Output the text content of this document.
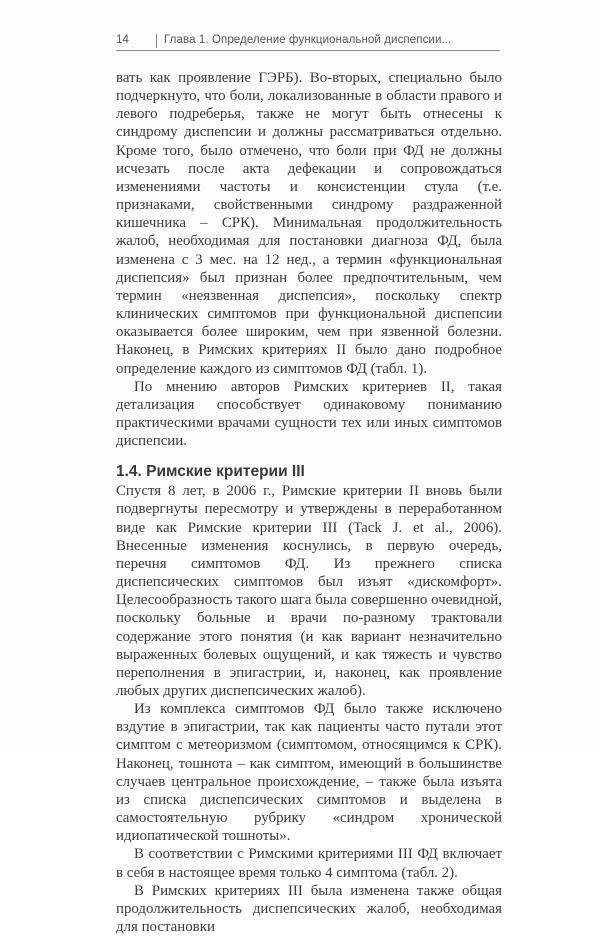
14	Глава 1. Определение функциональной диспепсии...

вать как проявление ГЭРБ). Во-вторых, специально было подчеркнуто, что боли, локализованные в области правого и левого подреберья, также не могут быть отнесены к синдрому диспепсии и должны рассматриваться отдельно. Кроме того, было отмечено, что боли при ФД не должны исчезать после акта дефекации и сопровождаться изменениями частоты и консистенции стула (т.е. признаками, свойственными синдрому раздраженной кишечника – СРК). Минимальная продолжительность жалоб, необходимая для постановки диагноза ФД, была изменена с 3 мес. на 12 нед., а термин «функциональная диспепсия» был признан более предпочтительным, чем термин «неязвенная диспепсия», поскольку спектр клинических симптомов при функциональной диспепсии оказывается более широким, чем при язвенной болезни. Наконец, в Римских критериях II было дано подробное определение каждого из симптомов ФД (табл. 1).

По мнению авторов Римских критериев II, такая детализация способствует одинаковому пониманию практическими врачами сущности тех или иных симптомов диспепсии.

1.4. Римские критерии III

Спустя 8 лет, в 2006 г., Римские критерии II вновь были подвергнуты пересмотру и утверждены в переработанном виде как Римские критерии III (Tack J. et al., 2006). Внесенные изменения коснулись, в первую очередь, перечня симптомов ФД. Из прежнего списка диспепсических симптомов был изъят «дискомфорт». Целесообразность такого шага была совершенно очевидной, поскольку больные и врачи по-разному трактовали содержание этого понятия (и как вариант незначительно выраженных болевых ощущений, и как тяжесть и чувство переполнения в эпигастрии, и, наконец, как проявление любых других диспепсических жалоб).

Из комплекса симптомов ФД было также исключено вздутие в эпигастрии, так как пациенты часто путали этот симптом с метеоризмом (симптомом, относящимся к СРК). Наконец, тошнота – как симптом, имеющий в большинстве случаев центральное происхождение, – также была изъята из списка диспепсических симптомов и выделена в самостоятельную рубрику «синдром хронической идиопатической тошноты».

В соответствии с Римскими критериями III ФД включает в себя в настоящее время только 4 симптома (табл. 2).

В Римских критериях III была изменена также общая продолжительность диспепсических жалоб, необходимая для постановки
